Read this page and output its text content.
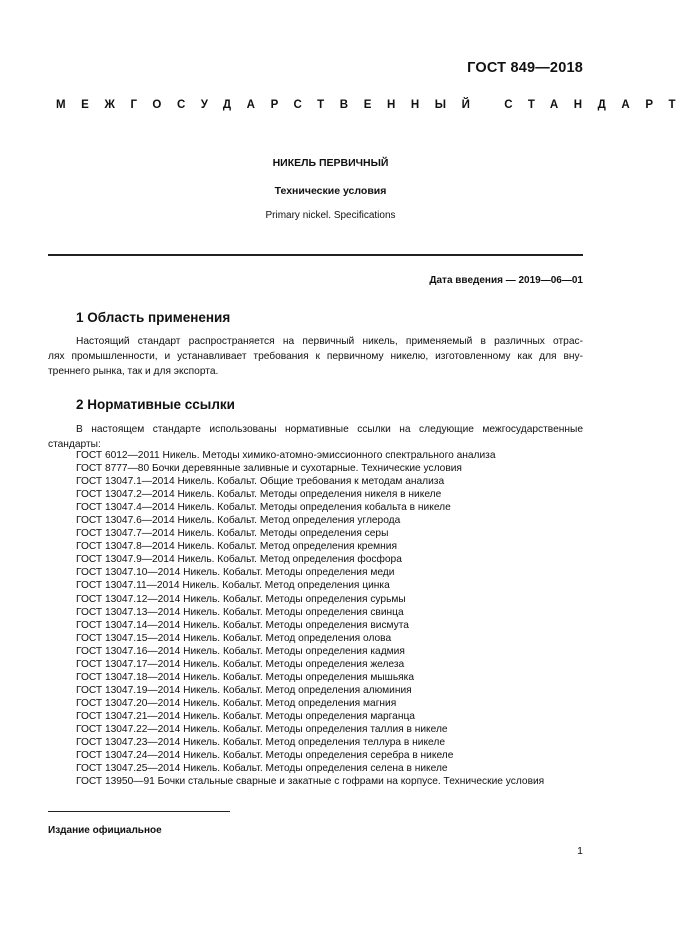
ГОСТ 849—2018
МЕЖГОСУДАРСТВЕННЫЙ СТАНДАРТ
НИКЕЛЬ ПЕРВИЧНЫЙ
Технические условия
Primary nickel. Specifications
Дата введения — 2019—06—01
1 Область применения
Настоящий стандарт распространяется на первичный никель, применяемый в различных отрас-
лях промышленности, и устанавливает требования к первичному никелю, изготовленному как для вну-
треннего рынка, так и для экспорта.
2 Нормативные ссылки
В настоящем стандарте использованы нормативные ссылки на следующие межгосударственные
стандарты:
ГОСТ 6012—2011 Никель. Методы химико-атомно-эмиссионного спектрального анализа
ГОСТ 8777—80 Бочки деревянные заливные и сухотарные. Технические условия
ГОСТ 13047.1—2014 Никель. Кобальт. Общие требования к методам анализа
ГОСТ 13047.2—2014 Никель. Кобальт. Методы определения никеля в никеле
ГОСТ 13047.4—2014 Никель. Кобальт. Методы определения кобальта в никеле
ГОСТ 13047.6—2014 Никель. Кобальт. Метод определения углерода
ГОСТ 13047.7—2014 Никель. Кобальт. Методы определения серы
ГОСТ 13047.8—2014 Никель. Кобальт. Метод определения кремния
ГОСТ 13047.9—2014 Никель. Кобальт. Метод определения фосфора
ГОСТ 13047.10—2014 Никель. Кобальт. Методы определения меди
ГОСТ 13047.11—2014 Никель. Кобальт. Метод определения цинка
ГОСТ 13047.12—2014 Никель. Кобальт. Методы определения сурьмы
ГОСТ 13047.13—2014 Никель. Кобальт. Методы определения свинца
ГОСТ 13047.14—2014 Никель. Кобальт. Методы определения висмута
ГОСТ 13047.15—2014 Никель. Кобальт. Метод определения олова
ГОСТ 13047.16—2014 Никель. Кобальт. Методы определения кадмия
ГОСТ 13047.17—2014 Никель. Кобальт. Методы определения железа
ГОСТ 13047.18—2014 Никель. Кобальт. Методы определения мышьяка
ГОСТ 13047.19—2014 Никель. Кобальт. Метод определения алюминия
ГОСТ 13047.20—2014 Никель. Кобальт. Метод определения магния
ГОСТ 13047.21—2014 Никель. Кобальт. Методы определения марганца
ГОСТ 13047.22—2014 Никель. Кобальт. Методы определения таллия в никеле
ГОСТ 13047.23—2014 Никель. Кобальт. Метод определения теллура в никеле
ГОСТ 13047.24—2014 Никель. Кобальт. Методы определения серебра в никеле
ГОСТ 13047.25—2014 Никель. Кобальт. Методы определения селена в никеле
ГОСТ 13950—91 Бочки стальные сварные и закатные с гофрами на корпусе. Технические условия
Издание официальное
1
